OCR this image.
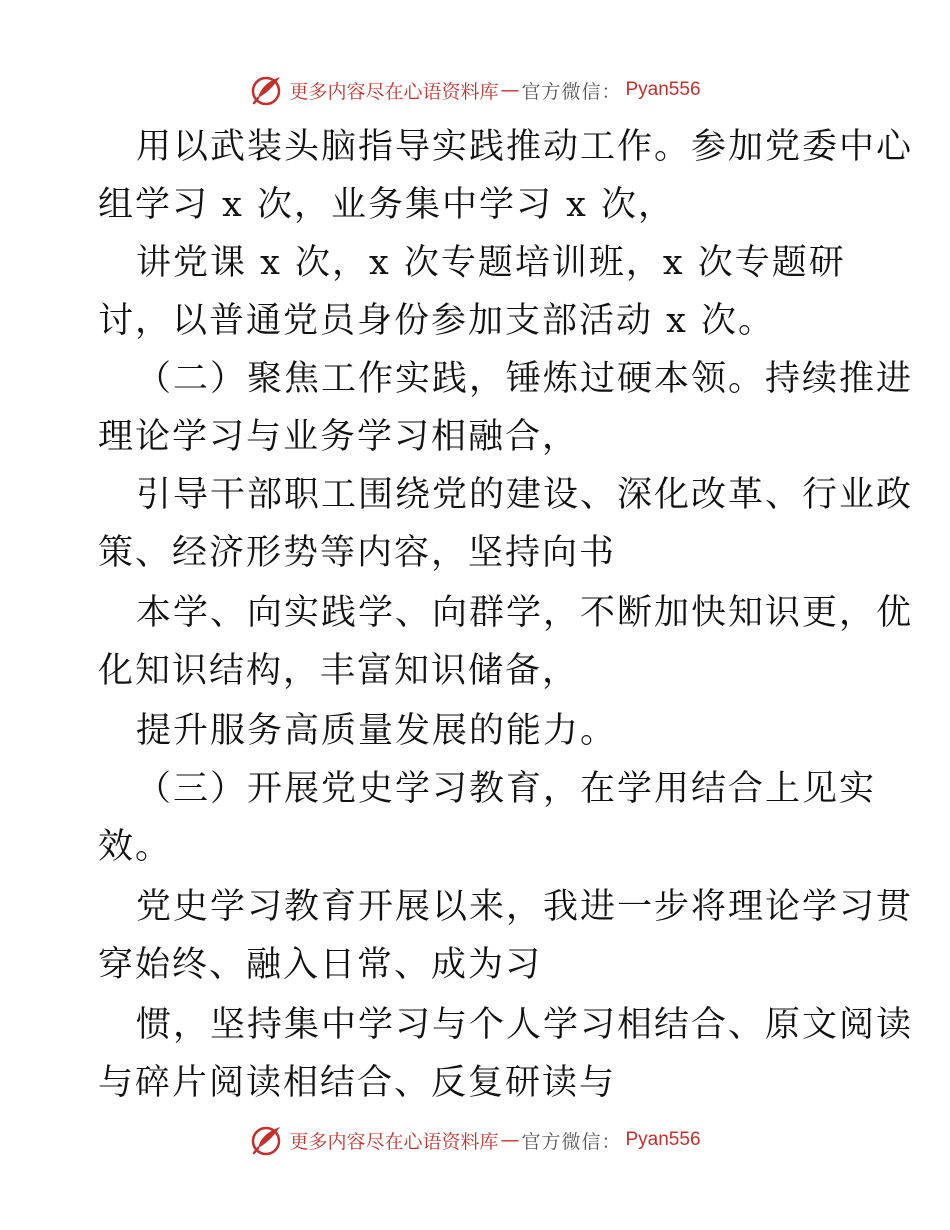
更多内容尽在心语资料库 — 官方微信： Pyan556
用以武装头脑指导实践推动工作。参加党委中心
组学习 x 次，业务集中学习 x 次，
讲党课 x 次，x 次专题培训班，x 次专题研
讨，以普通党员身份参加支部活动 x 次。
（二）聚焦工作实践，锤炼过硬本领。持续推进
理论学习与业务学习相融合，
引导干部职工围绕党的建设、深化改革、行业政
策、经济形势等内容，坚持向书
本学、向实践学、向群学，不断加快知识更，优
化知识结构，丰富知识储备，
提升服务高质量发展的能力。
（三）开展党史学习教育，在学用结合上见实
效。
党史学习教育开展以来，我进一步将理论学习贯
穿始终、融入日常、成为习
惯，坚持集中学习与个人学习相结合、原文阅读
与碎片阅读相结合、反复研读与
更多内容尽在心语资料库 — 官方微信： Pyan556
